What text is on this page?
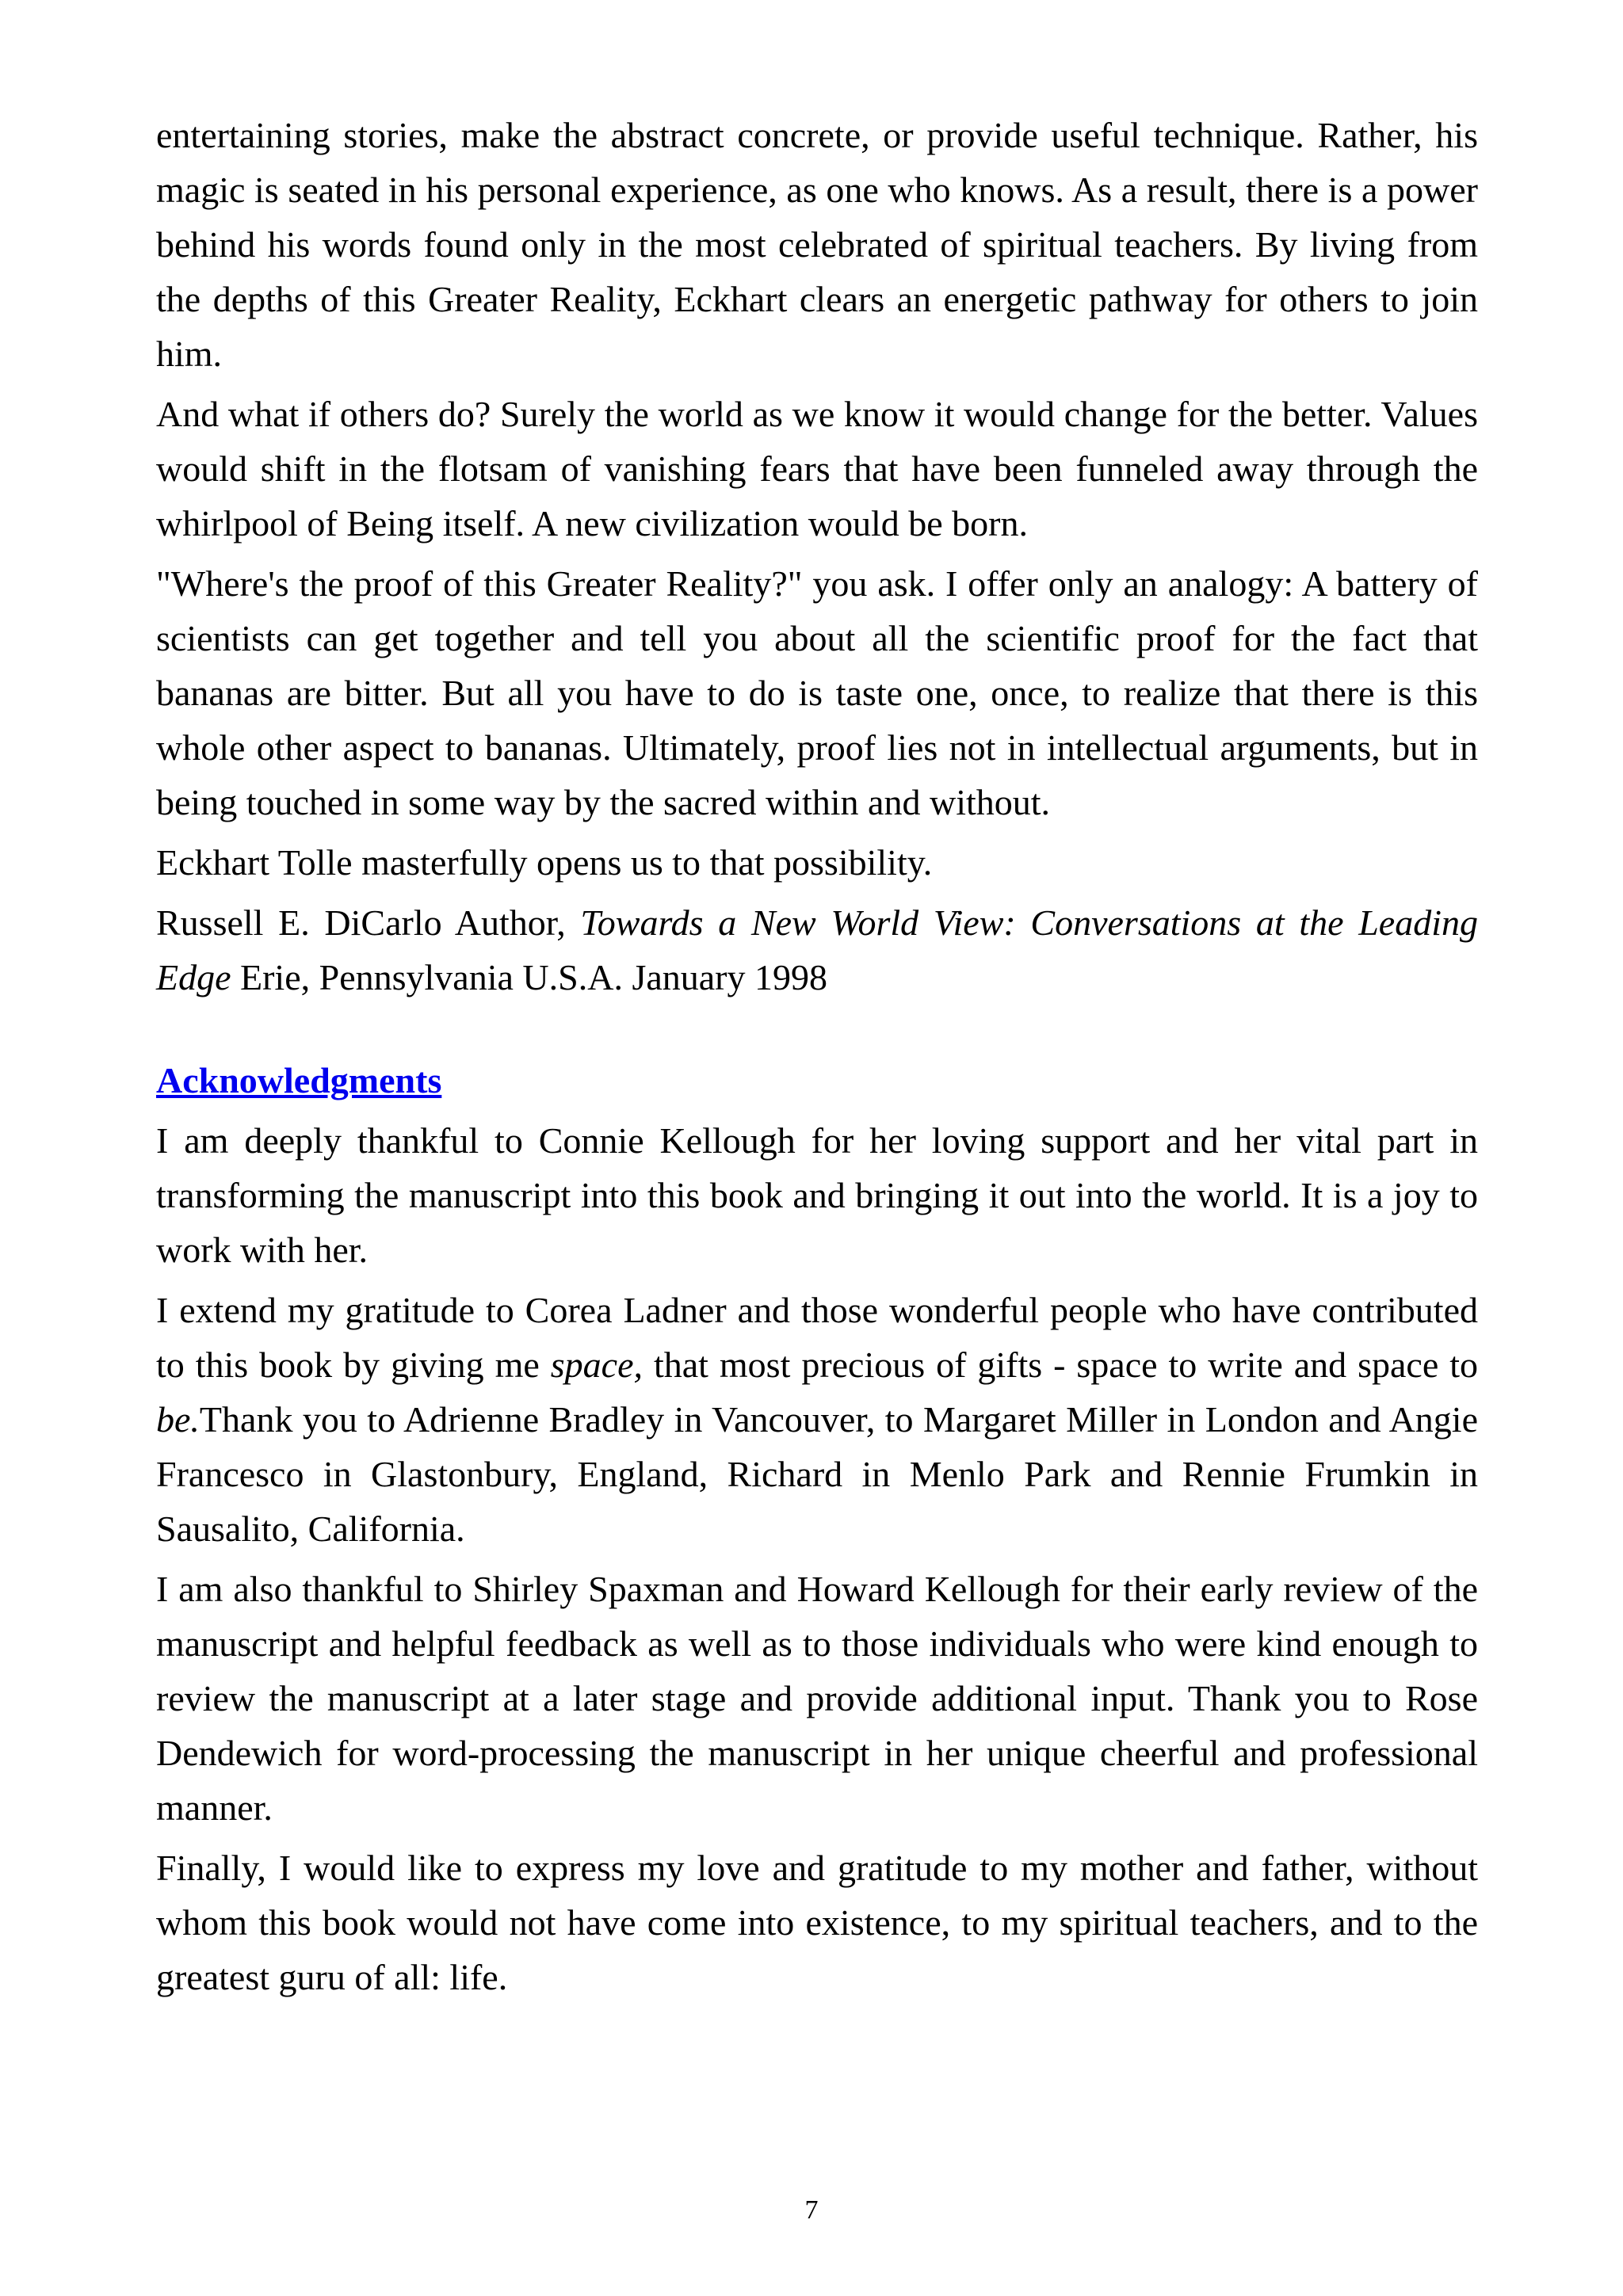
entertaining stories, make the abstract concrete, or provide useful technique. Rather, his magic is seated in his personal experience, as one who knows. As a result, there is a power behind his words found only in the most celebrated of spiritual teachers. By living from the depths of this Greater Reality, Eckhart clears an energetic pathway for others to join him.

And what if others do? Surely the world as we know it would change for the better. Values would shift in the flotsam of vanishing fears that have been funneled away through the whirlpool of Being itself. A new civilization would be born.

"Where's the proof of this Greater Reality?" you ask. I offer only an analogy: A battery of scientists can get together and tell you about all the scientific proof for the fact that bananas are bitter. But all you have to do is taste one, once, to realize that there is this whole other aspect to bananas. Ultimately, proof lies not in intellectual arguments, but in being touched in some way by the sacred within and without.

Eckhart Tolle masterfully opens us to that possibility.

Russell E. DiCarlo Author, Towards a New World View: Conversations at the Leading Edge Erie, Pennsylvania U.S.A. January 1998

Acknowledgments

I am deeply thankful to Connie Kellough for her loving support and her vital part in transforming the manuscript into this book and bringing it out into the world. It is a joy to work with her.

I extend my gratitude to Corea Ladner and those wonderful people who have contributed to this book by giving me space, that most precious of gifts - space to write and space to be.Thank you to Adrienne Bradley in Vancouver, to Margaret Miller in London and Angie Francesco in Glastonbury, England, Richard in Menlo Park and Rennie Frumkin in Sausalito, California.

I am also thankful to Shirley Spaxman and Howard Kellough for their early review of the manuscript and helpful feedback as well as to those individuals who were kind enough to review the manuscript at a later stage and provide additional input. Thank you to Rose Dendewich for word-processing the manuscript in her unique cheerful and professional manner.

Finally, I would like to express my love and gratitude to my mother and father, without whom this book would not have come into existence, to my spiritual teachers, and to the greatest guru of all: life.

7
